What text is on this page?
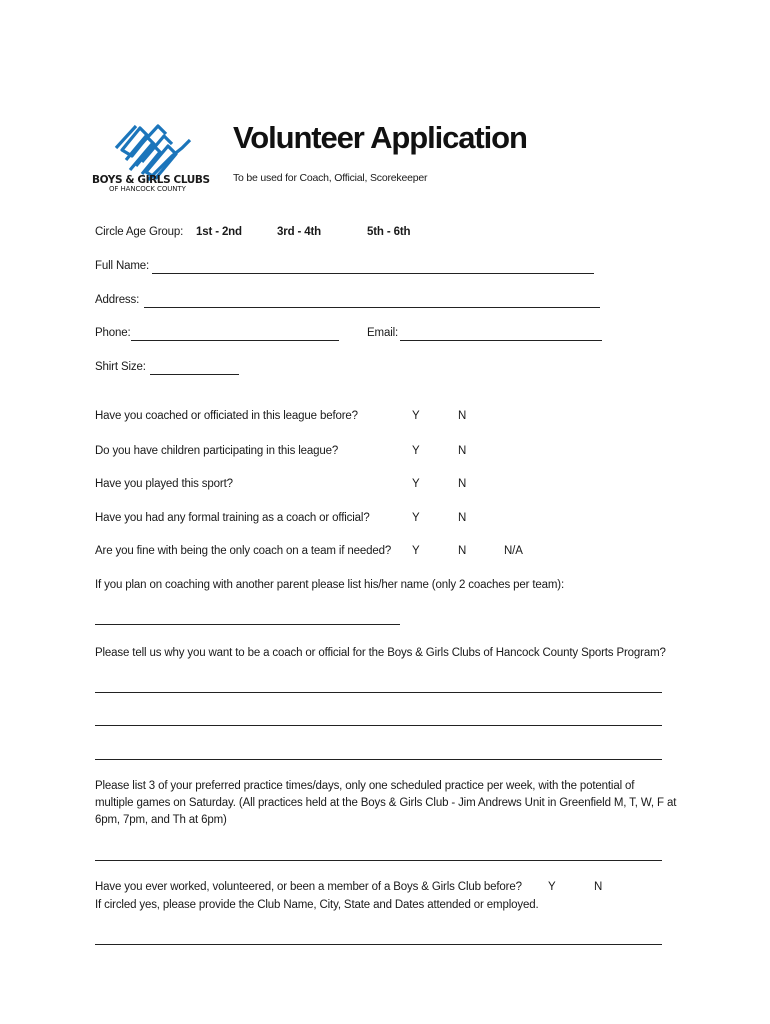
BOYS & GIRLS CLUBS
OF HANCOCK COUNTY
Volunteer Application
To be used for Coach, Official, Scorekeeper
Circle Age Group: 1st - 2nd	3rd - 4th	5th - 6th
Full Name:
Address:
Phone:	Email:
Shirt Size:
Have you coached or officiated in this league before?	Y	N
Do you have children participating in this league?	Y	N
Have you played this sport?	Y	N
Have you had any formal training as a coach or official?	Y	N
Are you fine with being the only coach on a team if needed? Y	N	N/A
If you plan on coaching with another parent please list his/her name (only 2 coaches per team):
Please tell us why you want to be a coach or official for the Boys & Girls Clubs of Hancock County Sports Program?
Please list 3 of your preferred practice times/days, only one scheduled practice per week, with the potential of
multiple games on Saturday. (All practices held at the Boys & Girls Club - Jim Andrews Unit in Greenfield M, T, W, F at
6pm, 7pm, and Th at 6pm)
Have you ever worked, volunteered, or been a member of a Boys & Girls Club before? Y	N
If circled yes, please provide the Club Name, City, State and Dates attended or employed.
